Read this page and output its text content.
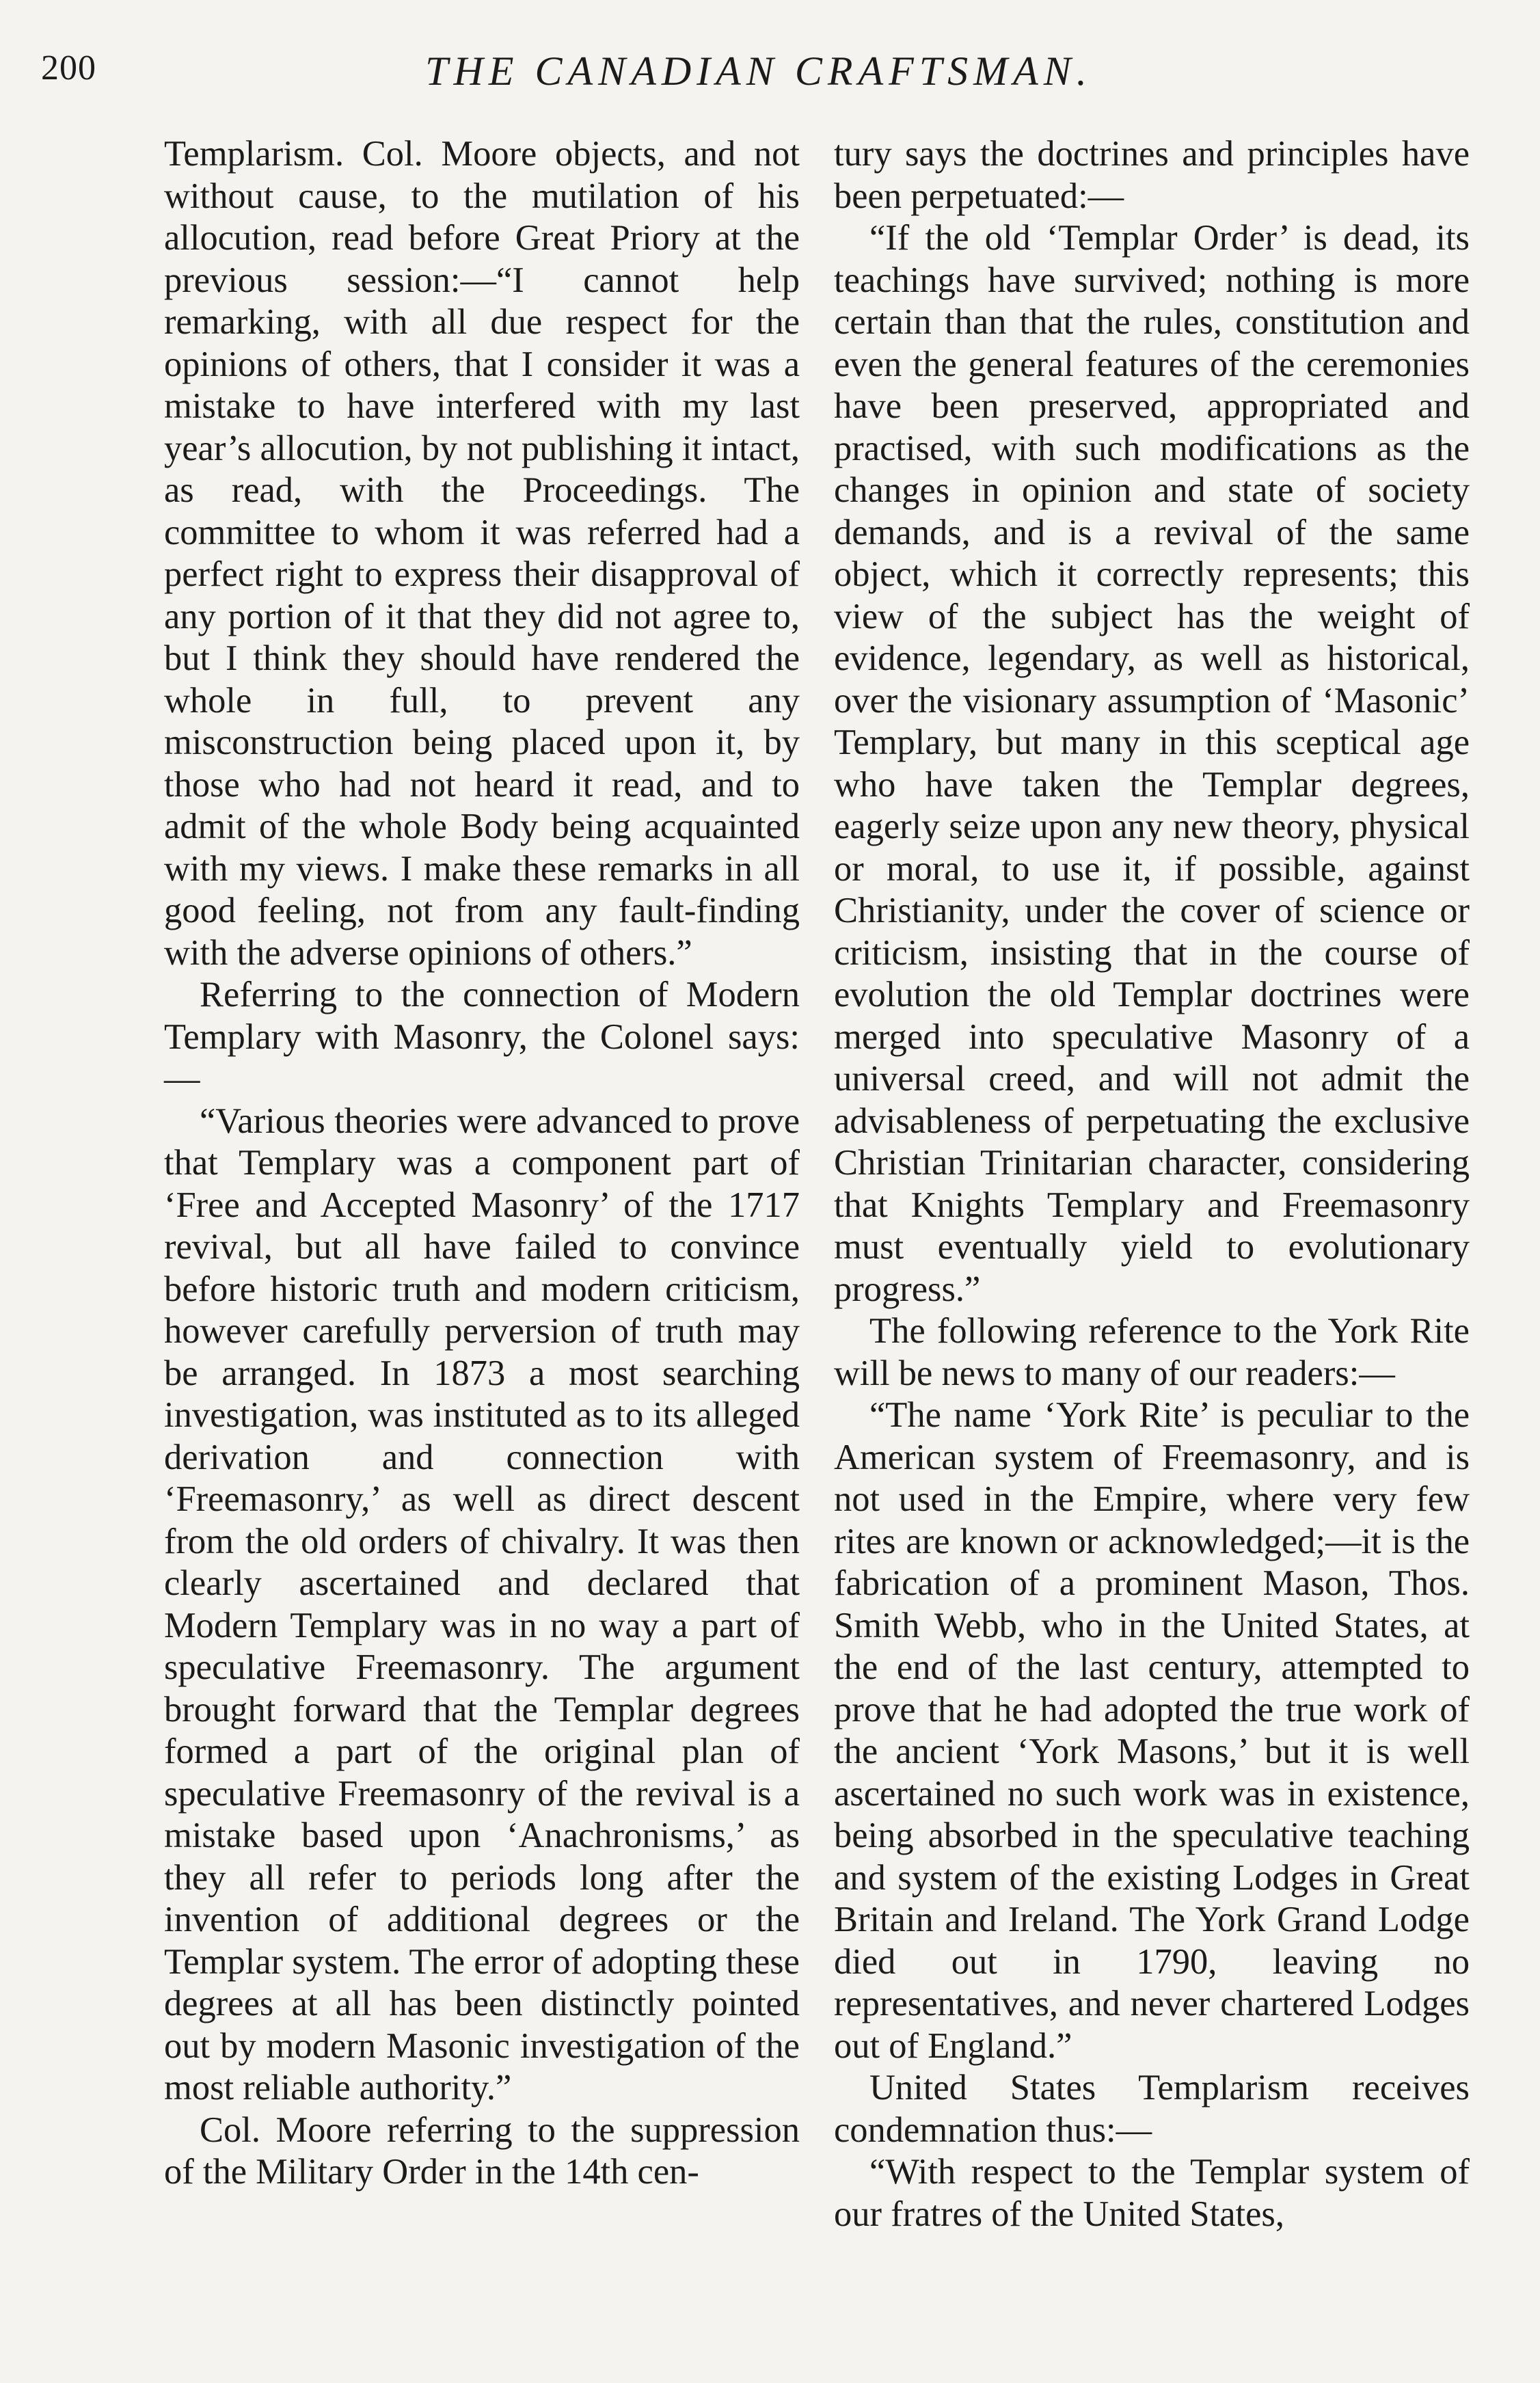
200	THE CANADIAN CRAFTSMAN.

Templarism. Col. Moore objects, and not without cause, to the mutilation of his allocution, read before Great Priory at the previous session:—“I cannot help remarking, with all due respect for the opinions of others, that I consider it was a mistake to have interfered with my last year’s allocution, by not publishing it intact, as read, with the Proceedings. The committee to whom it was referred had a perfect right to express their disapproval of any portion of it that they did not agree to, but I think they should have rendered the whole in full, to prevent any misconstruction being placed upon it, by those who had not heard it read, and to admit of the whole Body being acquainted with my views. I make these remarks in all good feeling, not from any fault-finding with the adverse opinions of others.”

Referring to the connection of Modern Templary with Masonry, the Colonel says:—

“Various theories were advanced to prove that Templary was a component part of ‘Free and Accepted Masonry’ of the 1717 revival, but all have failed to convince before historic truth and modern criticism, however carefully perversion of truth may be arranged. In 1873 a most searching investigation, was instituted as to its alleged derivation and connection with ‘Freemasonry,’ as well as direct descent from the old orders of chivalry. It was then clearly ascertained and declared that Modern Templary was in no way a part of speculative Freemasonry. The argument brought forward that the Templar degrees formed a part of the original plan of speculative Freemasonry of the revival is a mistake based upon ‘Anachronisms,’ as they all refer to periods long after the invention of additional degrees or the Templar system. The error of adopting these degrees at all has been distinctly pointed out by modern Masonic investigation of the most reliable authority.”

Col. Moore referring to the suppression of the Military Order in the 14th cen-

tury says the doctrines and principles have been perpetuated:—

“If the old ‘Templar Order’ is dead, its teachings have survived; nothing is more certain than that the rules, constitution and even the general features of the ceremonies have been preserved, appropriated and practised, with such modifications as the changes in opinion and state of society demands, and is a revival of the same object, which it correctly represents; this view of the subject has the weight of evidence, legendary, as well as historical, over the visionary assumption of ‘Masonic’ Templary, but many in this sceptical age who have taken the Templar degrees, eagerly seize upon any new theory, physical or moral, to use it, if possible, against Christianity, under the cover of science or criticism, insisting that in the course of evolution the old Templar doctrines were merged into speculative Masonry of a universal creed, and will not admit the advisableness of perpetuating the exclusive Christian Trinitarian character, considering that Knights Templary and Freemasonry must eventually yield to evolutionary progress.”

The following reference to the York Rite will be news to many of our readers:—

“The name ‘York Rite’ is peculiar to the American system of Freemasonry, and is not used in the Empire, where very few rites are known or acknowledged;—it is the fabrication of a prominent Mason, Thos. Smith Webb, who in the United States, at the end of the last century, attempted to prove that he had adopted the true work of the ancient ‘York Masons,’ but it is well ascertained no such work was in existence, being absorbed in the speculative teaching and system of the existing Lodges in Great Britain and Ireland. The York Grand Lodge died out in 1790, leaving no representatives, and never chartered Lodges out of England.”

United States Templarism receives condemnation thus:—

“With respect to the Templar system of our fratres of the United States,
